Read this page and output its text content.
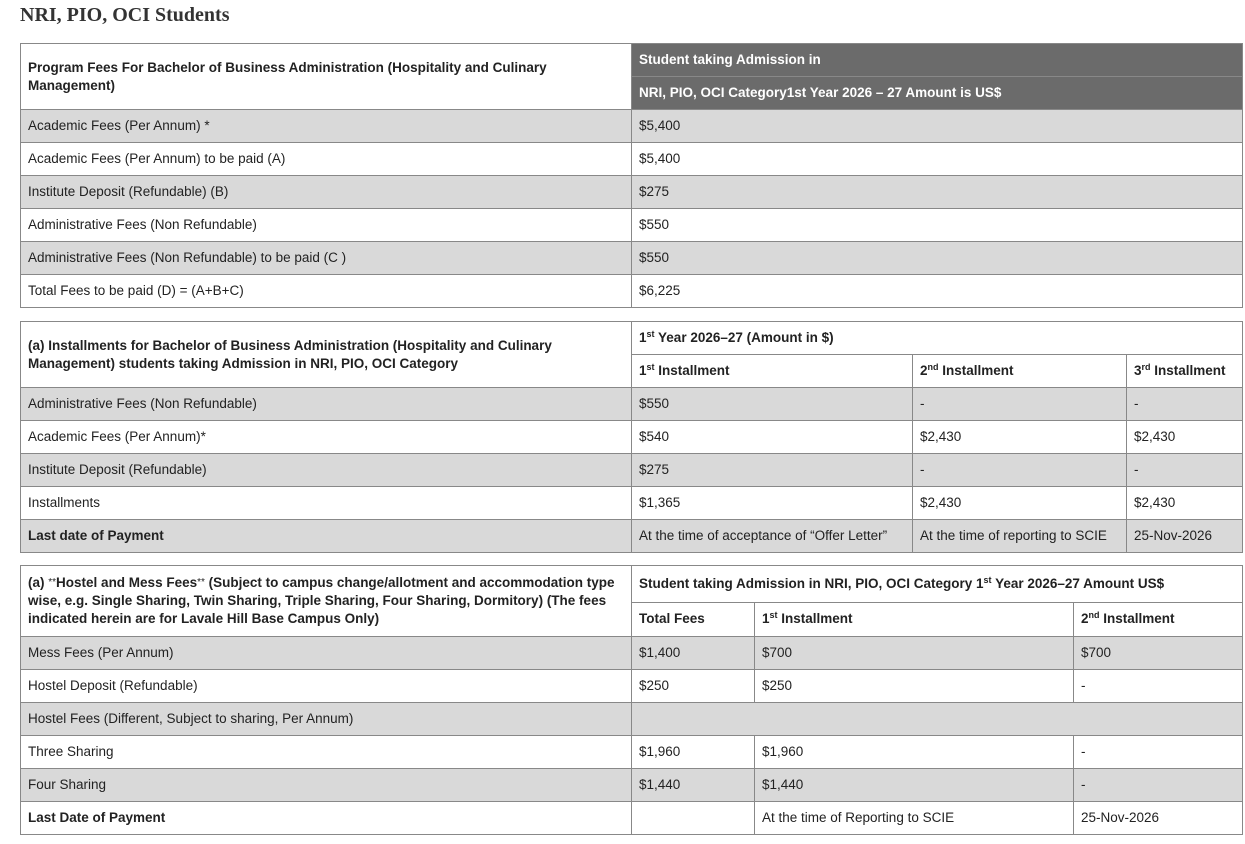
NRI, PIO, OCI Students
Program Fees For Bachelor of Business Administration (Hospitality and Culinary Management)	Student taking Admission in
	NRI, PIO, OCI Category1st Year 2026 – 27 Amount is US$
Academic Fees (Per Annum) *	$5,400
Academic Fees (Per Annum) to be paid (A)	$5,400
Institute Deposit (Refundable) (B)	$275
Administrative Fees (Non Refundable)	$550
Administrative Fees (Non Refundable) to be paid (C )	$550
Total Fees to be paid (D) = (A+B+C)	$6,225
(a) Installments for Bachelor of Business Administration (Hospitality and Culinary Management) students taking Admission in NRI, PIO, OCI Category	1st Year 2026–27 (Amount in $)		
	1st Installment	2nd Installment	3rd Installment
Administrative Fees (Non Refundable)	$550	-	-
Academic Fees (Per Annum)*	$540	$2,430	$2,430
Institute Deposit (Refundable)	$275	-	-
Installments	$1,365	$2,430	$2,430
Last date of Payment	At the time of acceptance of “Offer Letter”	At the time of reporting to SCIE	25-Nov-2026
(a) **Hostel and Mess Fees** (Subject to campus change/allotment and accommodation type wise, e.g. Single Sharing, Twin Sharing, Triple Sharing, Four Sharing, Dormitory) (The fees indicated herein are for Lavale Hill Base Campus Only)	Student taking Admission in NRI, PIO, OCI Category 1st Year 2026–27 Amount US$		
	Total Fees	1st Installment	2nd Installment
Mess Fees (Per Annum)	$1,400	$700	$700
Hostel Deposit (Refundable)	$250	$250	-
Hostel Fees (Different, Subject to sharing, Per Annum)			
Three Sharing	$1,960	$1,960	-
Four Sharing	$1,440	$1,440	-
Last Date of Payment		At the time of Reporting to SCIE	25-Nov-2026
